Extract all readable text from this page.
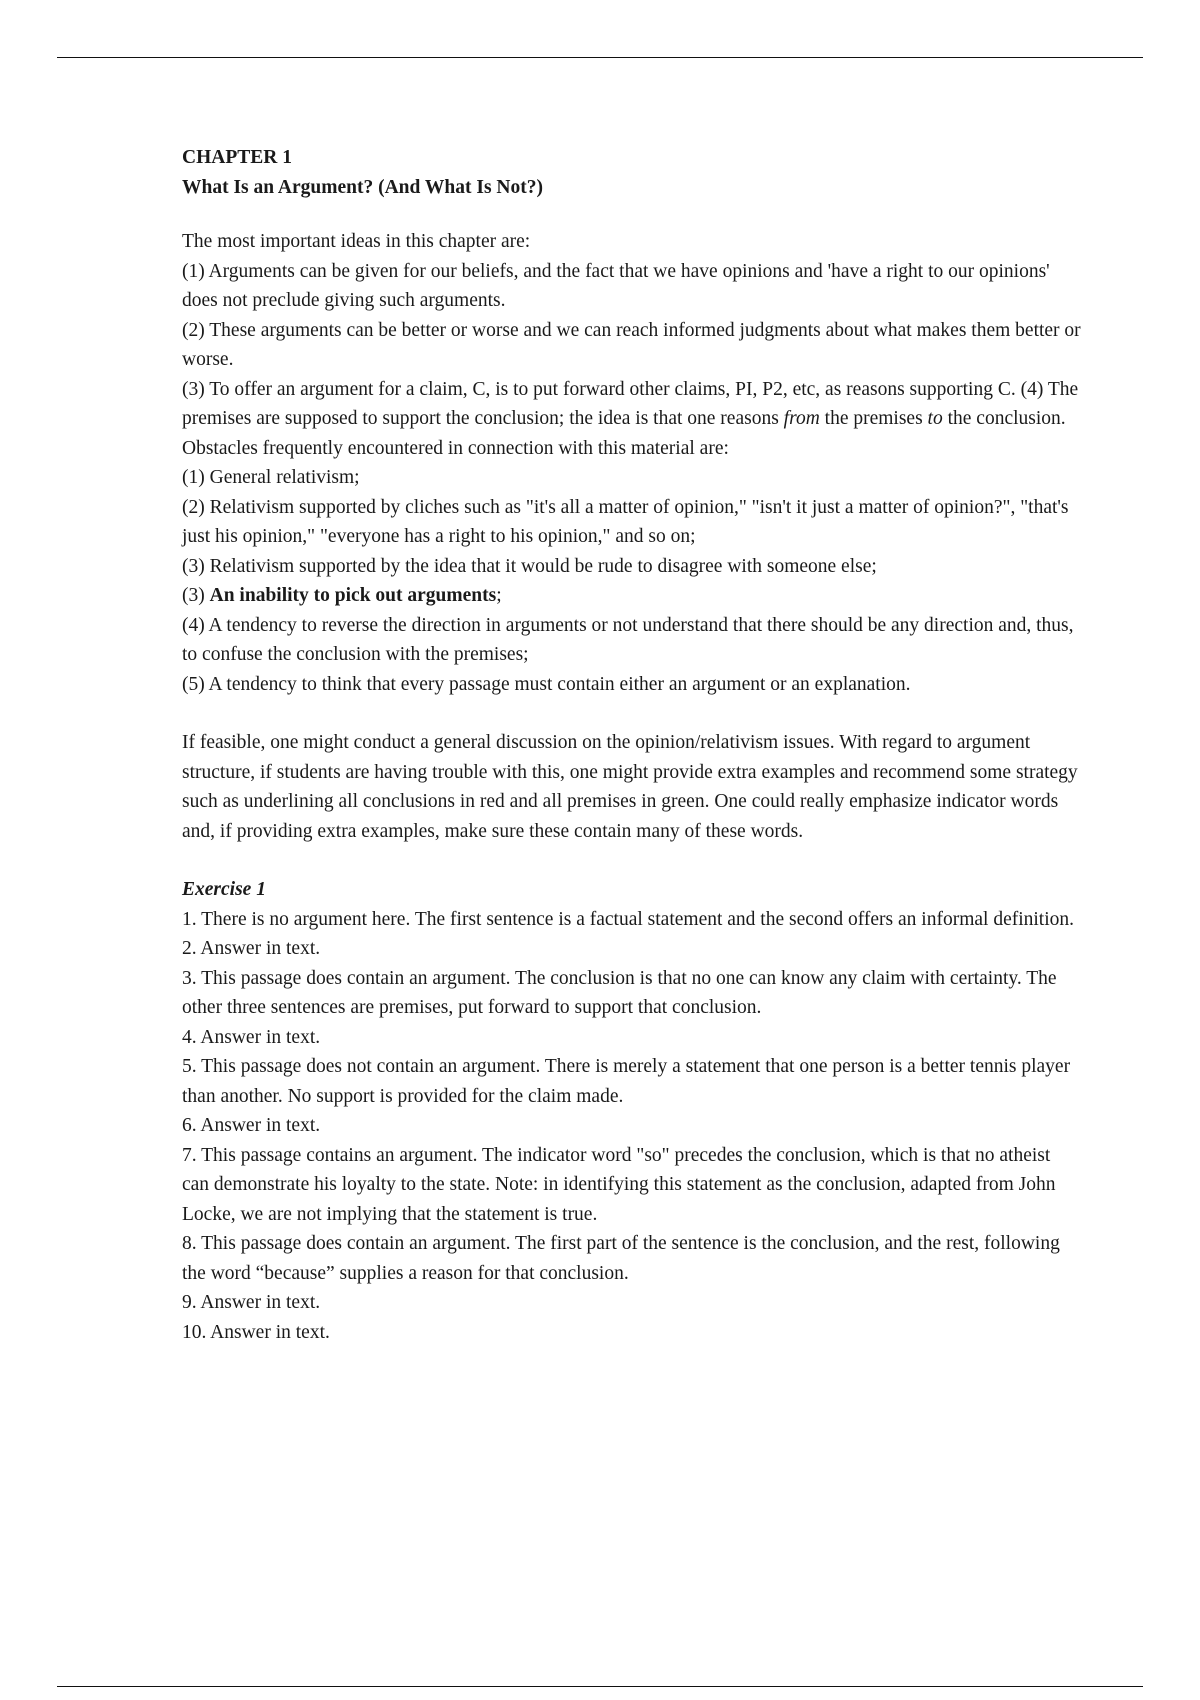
CHAPTER 1

What Is an Argument? (And What Is Not?)

The most important ideas in this chapter are:

(1) Arguments can be given for our beliefs, and the fact that we have opinions and 'have a right to our opinions' does not preclude giving such arguments.

(2) These arguments can be better or worse and we can reach informed judgments about what makes them better or worse.

(3) To offer an argument for a claim, C, is to put forward other claims, PI, P2, etc, as reasons supporting C. (4) The premises are supposed to support the conclusion; the idea is that one reasons from the premises to the conclusion.

Obstacles frequently encountered in connection with this material are:

(1) General relativism;

(2) Relativism supported by cliches such as "it's all a matter of opinion," "isn't it just a matter of opinion?", "that's just his opinion," "everyone has a right to his opinion," and so on;

(3) Relativism supported by the idea that it would be rude to disagree with someone else;

(3) An inability to pick out arguments;

(4) A tendency to reverse the direction in arguments or not understand that there should be any direction and, thus, to confuse the conclusion with the premises;

(5) A tendency to think that every passage must contain either an argument or an explanation.

If feasible, one might conduct a general discussion on the opinion/relativism issues. With regard to argument structure, if students are having trouble with this, one might provide extra examples and recommend some strategy such as underlining all conclusions in red and all premises in green. One could really emphasize indicator words and, if providing extra examples, make sure these contain many of these words.

Exercise 1

1. There is no argument here. The first sentence is a factual statement and the second offers an informal definition.

2. Answer in text.

3. This passage does contain an argument. The conclusion is that no one can know any claim with certainty. The other three sentences are premises, put forward to support that conclusion.

4. Answer in text.

5. This passage does not contain an argument. There is merely a statement that one person is a better tennis player than another. No support is provided for the claim made.

6. Answer in text.

7. This passage contains an argument. The indicator word "so" precedes the conclusion, which is that no atheist can demonstrate his loyalty to the state. Note: in identifying this statement as the conclusion, adapted from John Locke, we are not implying that the statement is true.

8. This passage does contain an argument. The first part of the sentence is the conclusion, and the rest, following the word “because” supplies a reason for that conclusion.

9. Answer in text.

10. Answer in text.
